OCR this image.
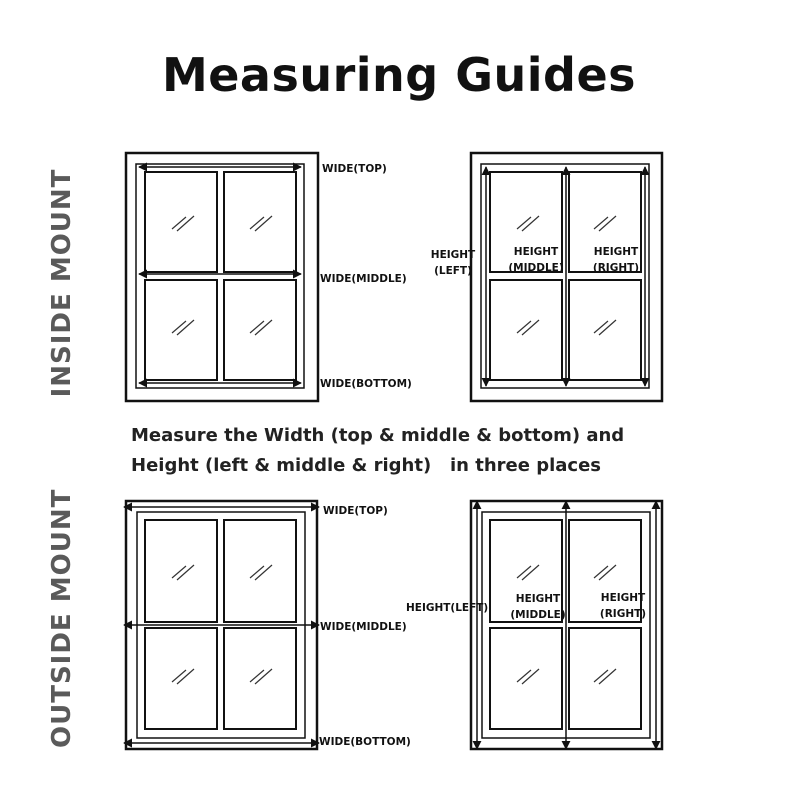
Measuring Guides
INSIDE MOUNT
OUTSIDE MOUNT
Measure the Width (top & middle & bottom) and
Height (left & middle & right)   in three places
WIDE(TOP)
WIDE(MIDDLE)
WIDE(BOTTOM)
HEIGHT
(LEFT)
HEIGHT
(MIDDLE)
HEIGHT
(RIGHT)
WIDE(TOP)
WIDE(MIDDLE)
WIDE(BOTTOM)
HEIGHT(LEFT)
HEIGHT
(MIDDLE)
HEIGHT
(RIGHT)
